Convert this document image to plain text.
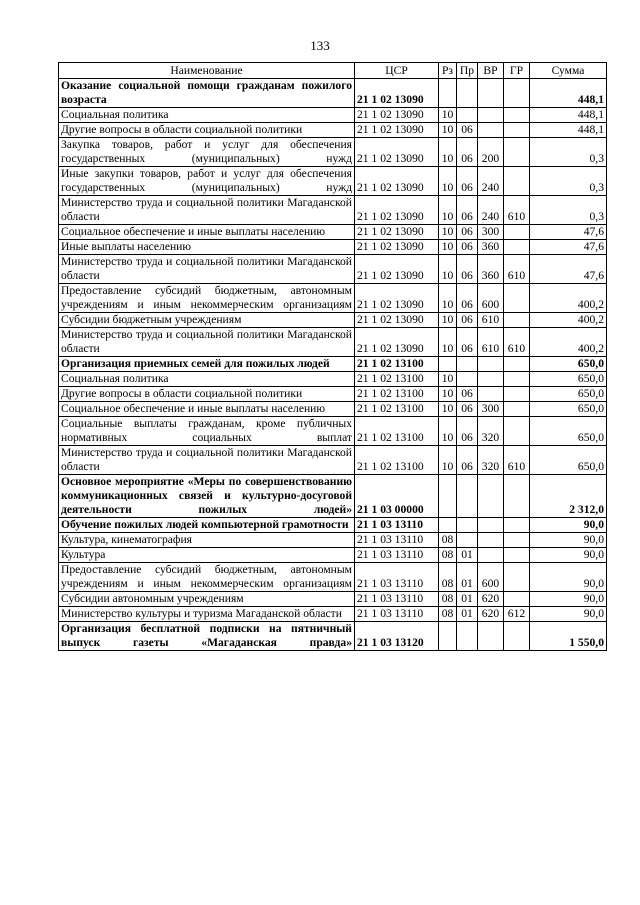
133
Наименование	ЦСР	Рз	Пр	ВР	ГР	Сумма
Оказание социальной помощи гражданам пожилого возраста	21 1 02 13090					448,1
Социальная политика	21 1 02 13090	10				448,1
Другие вопросы в области социальной политики	21 1 02 13090	10	06			448,1
Закупка товаров, работ и услуг для обеспечения государственных (муниципальных) нужд	21 1 02 13090	10	06	200		0,3
Иные закупки товаров, работ и услуг для обеспечения государственных (муниципальных) нужд	21 1 02 13090	10	06	240		0,3
Министерство труда и социальной политики Магаданской области	21 1 02 13090	10	06	240	610	0,3
Социальное обеспечение и иные выплаты населению	21 1 02 13090	10	06	300		47,6
Иные выплаты населению	21 1 02 13090	10	06	360		47,6
Министерство труда и социальной политики Магаданской области	21 1 02 13090	10	06	360	610	47,6
Предоставление субсидий бюджетным, автономным учреждениям и иным некоммерческим организациям	21 1 02 13090	10	06	600		400,2
Субсидии бюджетным учреждениям	21 1 02 13090	10	06	610		400,2
Министерство труда и социальной политики Магаданской области	21 1 02 13090	10	06	610	610	400,2
Организация приемных семей для пожилых людей	21 1 02 13100					650,0
Социальная политика	21 1 02 13100	10				650,0
Другие вопросы в области социальной политики	21 1 02 13100	10	06			650,0
Социальное обеспечение и иные выплаты населению	21 1 02 13100	10	06	300		650,0
Социальные выплаты гражданам, кроме публичных нормативных социальных выплат	21 1 02 13100	10	06	320		650,0
Министерство труда и социальной политики Магаданской области	21 1 02 13100	10	06	320	610	650,0
Основное мероприятие «Меры по совершенствованию коммуникационных связей и культурно-досуговой деятельности пожилых людей»	21 1 03 00000					2 312,0
Обучение пожилых людей компьютерной грамотности	21 1 03 13110					90,0
Культура, кинематография	21 1 03 13110	08				90,0
Культура	21 1 03 13110	08	01			90,0
Предоставление субсидий бюджетным, автономным учреждениям и иным некоммерческим организациям	21 1 03 13110	08	01	600		90,0
Субсидии автономным учреждениям	21 1 03 13110	08	01	620		90,0
Министерство культуры и туризма Магаданской области	21 1 03 13110	08	01	620	612	90,0
Организация бесплатной подписки на пятничный выпуск газеты «Магаданская правда»	21 1 03 13120					1 550,0
